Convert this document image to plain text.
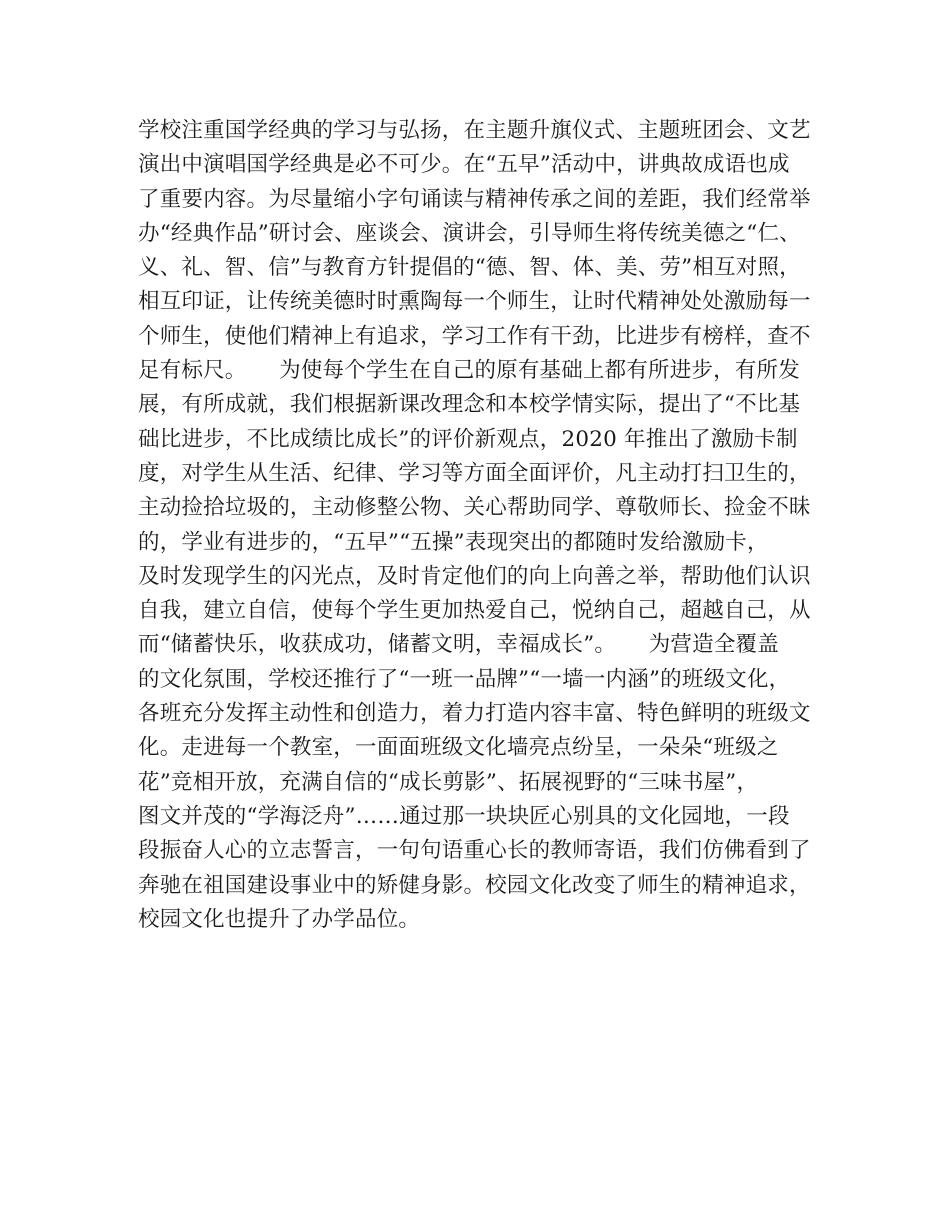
学校注重国学经典的学习与弘扬，在主题升旗仪式、主题班团会、文艺
演出中演唱国学经典是必不可少。在“五早”活动中，讲典故成语也成
了重要内容。为尽量缩小字句诵读与精神传承之间的差距，我们经常举
办“经典作品”研讨会、座谈会、演讲会，引导师生将传统美德之“仁、
义、礼、智、信”与教育方针提倡的“德、智、体、美、劳”相互对照，
相互印证，让传统美德时时熏陶每一个师生，让时代精神处处激励每一
个师生，使他们精神上有追求，学习工作有干劲，比进步有榜样，查不
足有标尺。　　为使每个学生在自己的原有基础上都有所进步，有所发
展，有所成就，我们根据新课改理念和本校学情实际，提出了“不比基
础比进步，不比成绩比成长”的评价新观点，2020 年推出了激励卡制
度，对学生从生活、纪律、学习等方面全面评价，凡主动打扫卫生的，
主动捡拾垃圾的，主动修整公物、关心帮助同学、尊敬师长、捡金不昧
的，学业有进步的，“五早”“五操”表现突出的都随时发给激励卡，
及时发现学生的闪光点，及时肯定他们的向上向善之举，帮助他们认识
自我，建立自信，使每个学生更加热爱自己，悦纳自己，超越自己，从
而“储蓄快乐，收获成功，储蓄文明，幸福成长”。　　为营造全覆盖
的文化氛围，学校还推行了“一班一品牌”“一墙一内涵”的班级文化，
各班充分发挥主动性和创造力，着力打造内容丰富、特色鲜明的班级文
化。走进每一个教室，一面面班级文化墙亮点纷呈，一朵朵“班级之
花”竞相开放，充满自信的“成长剪影”、拓展视野的“三味书屋”，
图文并茂的“学海泛舟”……通过那一块块匠心别具的文化园地，一段
段振奋人心的立志誓言，一句句语重心长的教师寄语，我们仿佛看到了
奔驰在祖国建设事业中的矫健身影。校园文化改变了师生的精神追求，
校园文化也提升了办学品位。
